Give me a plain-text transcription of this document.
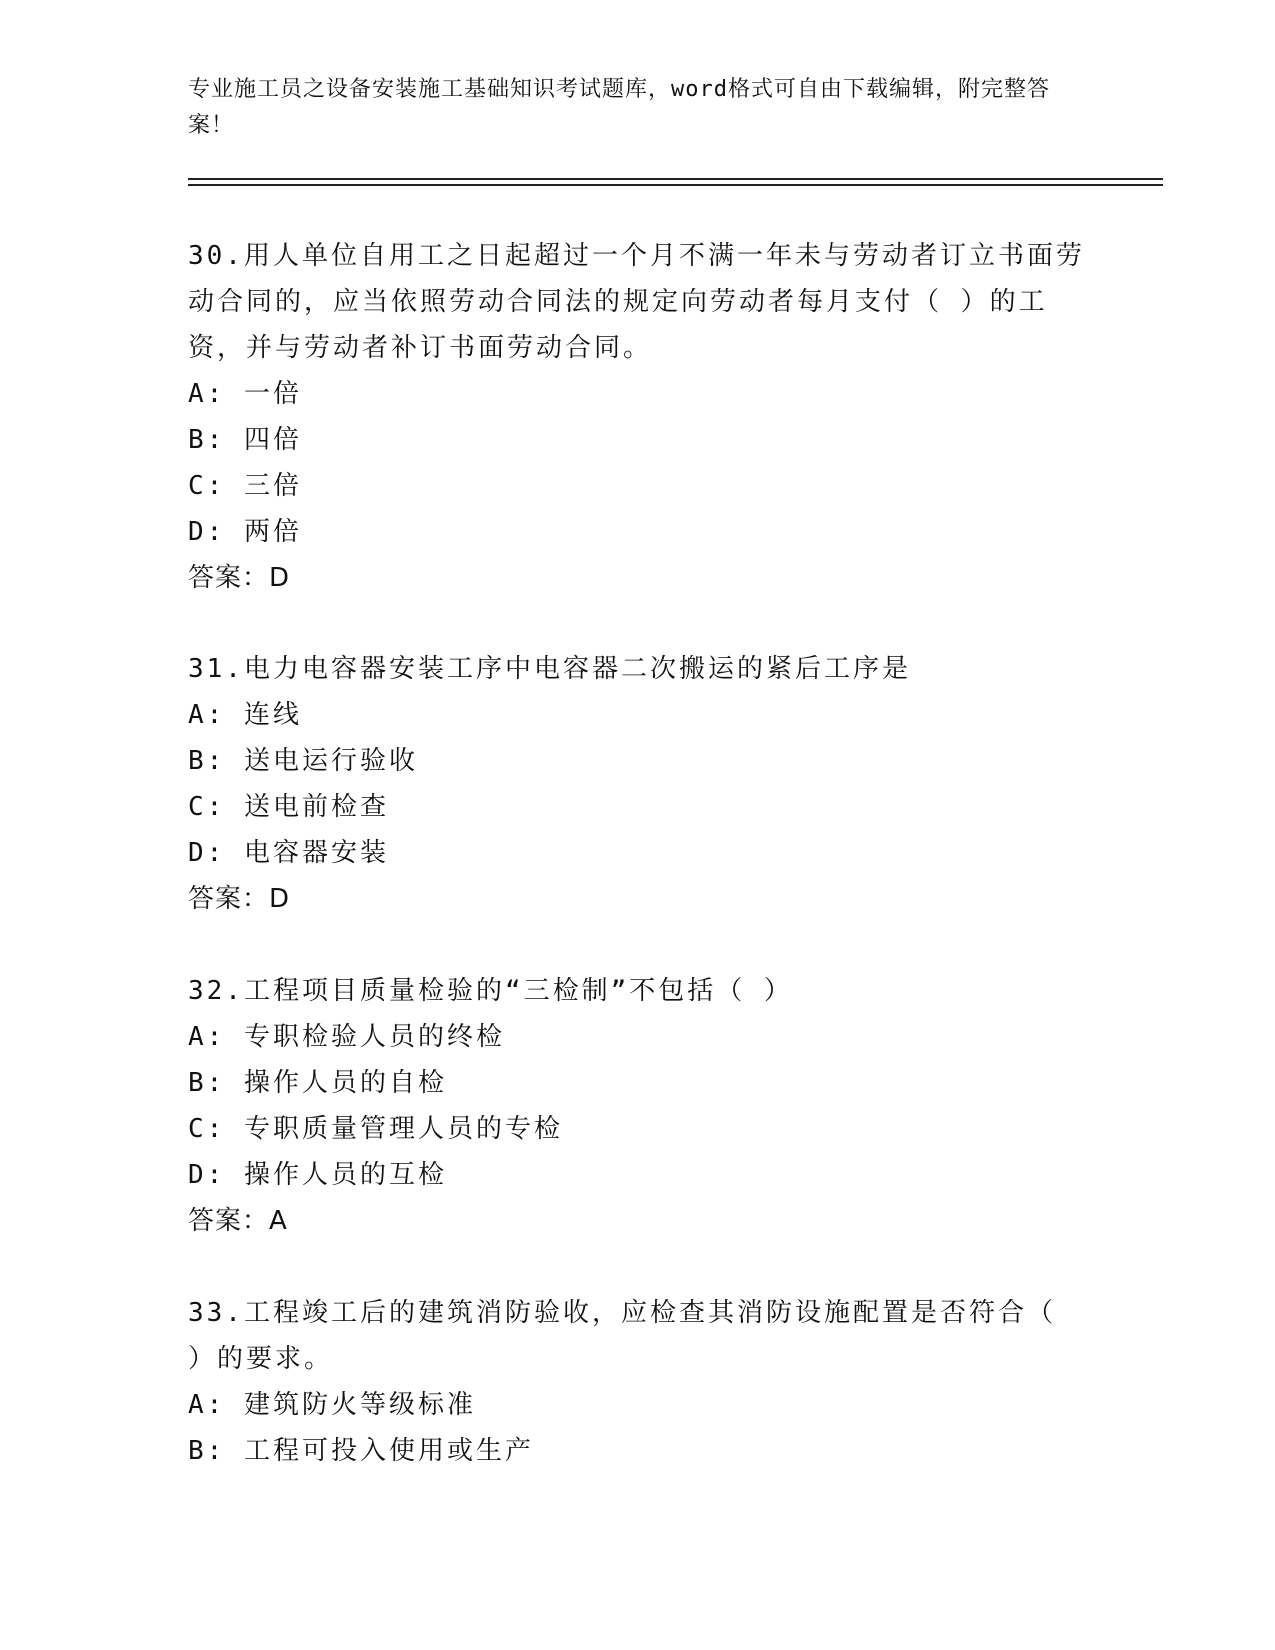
专业施工员之设备安装施工基础知识考试题库，word格式可自由下载编辑，附完整答案！

30.用人单位自用工之日起超过一个月不满一年未与劳动者订立书面劳动合同的，应当依照劳动合同法的规定向劳动者每月支付（ ）的工资，并与劳动者补订书面劳动合同。

A: 一倍

B: 四倍

C: 三倍

D: 两倍

答案：D

31.电力电容器安装工序中电容器二次搬运的紧后工序是

A: 连线

B: 送电运行验收

C: 送电前检查

D: 电容器安装

答案：D

32.工程项目质量检验的“三检制”不包括（ ）

A: 专职检验人员的终检

B: 操作人员的自检

C: 专职质量管理人员的专检

D: 操作人员的互检

答案：A

33.工程竣工后的建筑消防验收，应检查其消防设施配置是否符合（ ）的要求。

A: 建筑防火等级标准

B: 工程可投入使用或生产
